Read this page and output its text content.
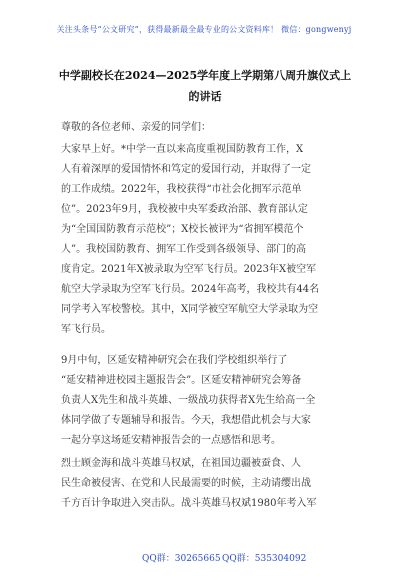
关注头条号“公文研究”，获得最新最全最专业的公文资料库！ 微信：gongwenyj
中学副校长在2024—2025学年度上学期第八周升旗仪式上
的讲话
尊敬的各位老师、亲爱的同学们：
大家早上好。*中学一直以来高度重视国防教育工作，X
人有着深厚的爱国情怀和笃定的爱国行动，并取得了一定
的工作成绩。2022年，我校获得“市社会化拥军示范单
位”。2023年9月，我校被中央军委政治部、教育部认定
为“全国国防教育示范校”；X校长被评为“省拥军模范个
人”。我校国防教育、拥军工作受到各级领导、部门的高
度肯定。2021年X被录取为空军飞行员。2023年X被空军
航空大学录取为空军飞行员。2024年高考，我校共有44名
同学考入军校警校。其中，X同学被空军航空大学录取为空
军飞行员。
9月中旬，区延安精神研究会在我们学校组织举行了
“延安精神进校园主题报告会”。区延安精神研究会筹备
负责人X先生和战斗英雄、一级战功获得者X先生给高一全
体同学做了专题辅导和报告。今天，我想借此机会与大家
一起分享这场延安精神报告会的一点感悟和思考。
烈士顾金海和战斗英雄马权斌，在祖国边疆被蚕食、人
民生命被侵害、在党和人民最需要的时候，主动请缨出战
千方百计争取进入突击队。战斗英雄马权斌1980年考入军
QQ群：30265665 QQ群：535304092
